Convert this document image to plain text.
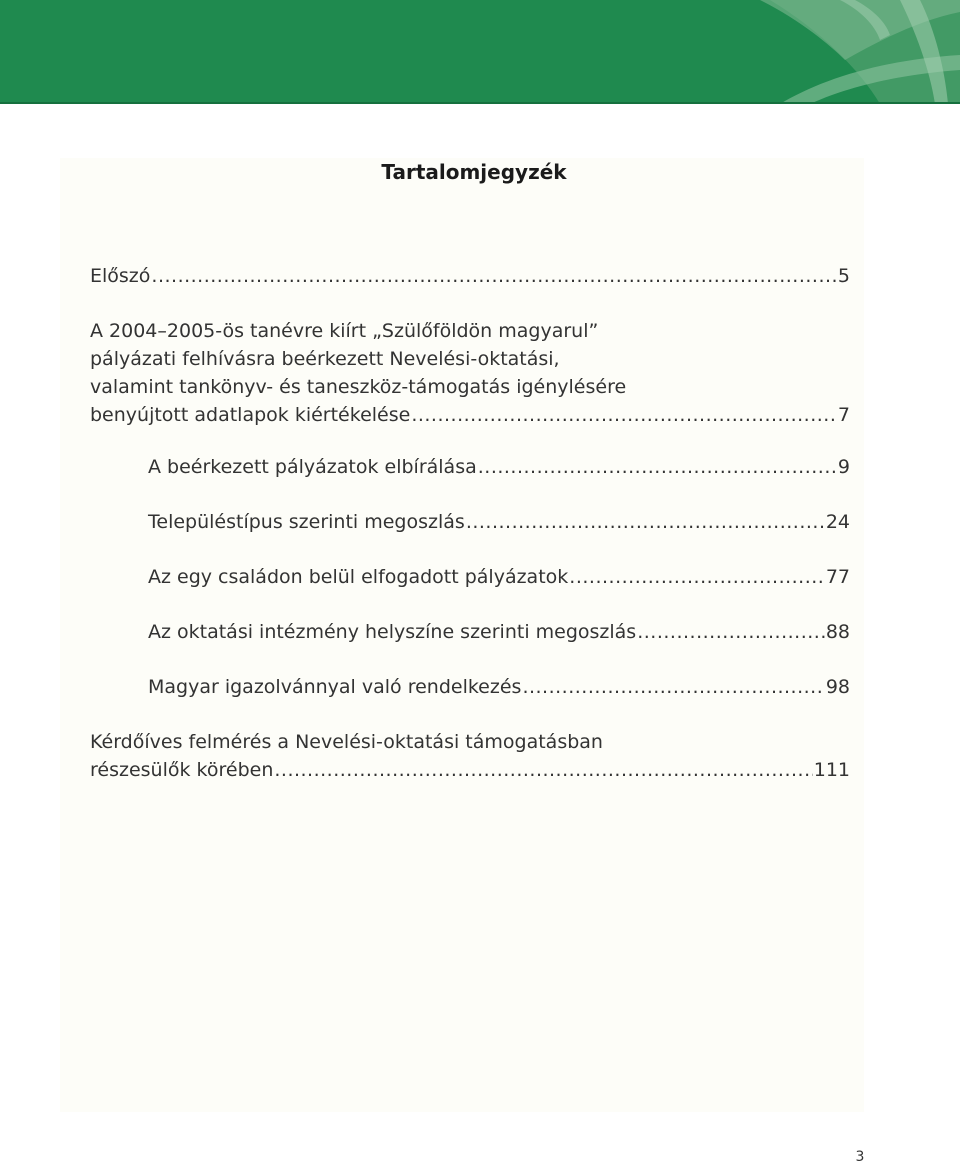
Tartalomjegyzék
Előszó .....	5
A 2004–2005-ös tanévre kiírt „Szülőföldön magyarul”
pályázati felhívásra beérkezett Nevelési-oktatási,
valamint tankönyv- és taneszköz-támogatás igénylésére
benyújtott adatlapok kiértékelése .....	7
A beérkezett pályázatok elbírálása .....	9
Településtípus szerinti megoszlás .....	24
Az egy családon belül elfogadott pályázatok .....	77
Az oktatási intézmény helyszíne szerinti megoszlás .....	88
Magyar igazolvánnyal való rendelkezés .....	98
Kérdőíves felmérés a Nevelési-oktatási támogatásban
részesülők körében .....	111
3
